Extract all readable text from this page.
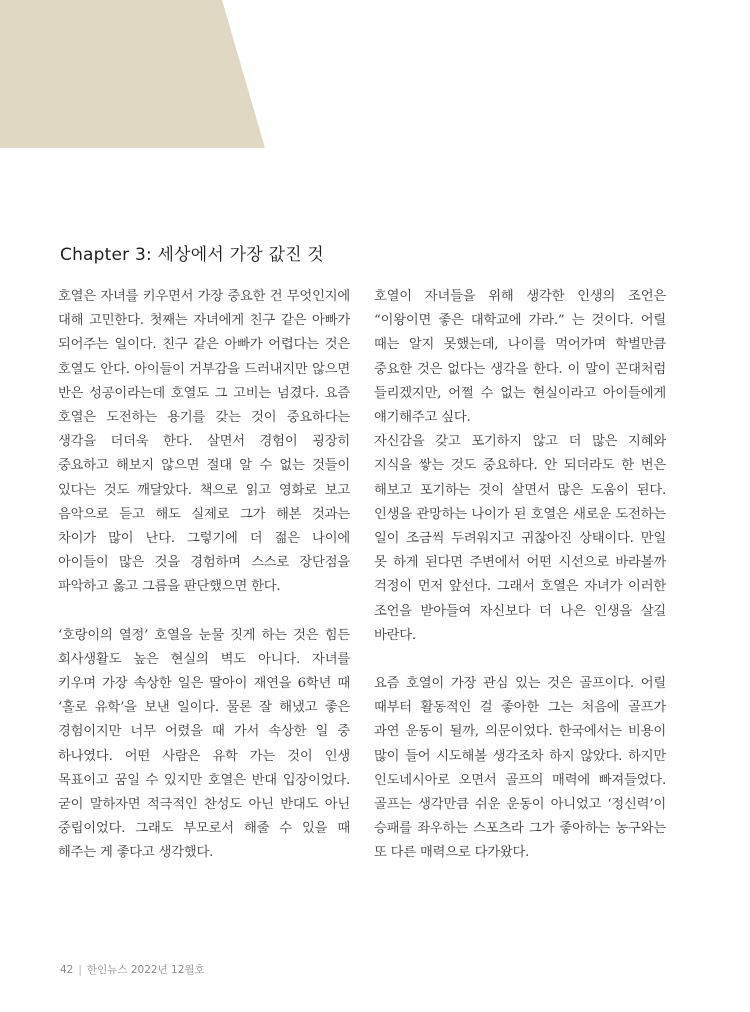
Chapter 3: 세상에서 가장 값진 것

호열은 자녀를 키우면서 가장 중요한 건 무엇인지에 대해 고민한다. 첫째는 자녀에게 친구 같은 아빠가 되어주는 일이다. 친구 같은 아빠가 어렵다는 것은 호열도 안다. 아이들이 거부감을 드러내지만 않으면 반은 성공이라는데 호열도 그 고비는 넘겼다. 요즘 호열은 도전하는 용기를 갖는 것이 중요하다는 생각을 더더욱 한다. 살면서 경험이 굉장히 중요하고 해보지 않으면 절대 알 수 없는 것들이 있다는 것도 깨달았다. 책으로 읽고 영화로 보고 음악으로 듣고 해도 실제로 그가 해본 것과는 차이가 많이 난다. 그렇기에 더 젊은 나이에 아이들이 많은 것을 경험하며 스스로 장단점을 파악하고 옳고 그름을 판단했으면 한다.

‘호랑이의 열정’ 호열을 눈물 짓게 하는 것은 힘든 회사생활도 높은 현실의 벽도 아니다. 자녀를 키우며 가장 속상한 일은 딸아이 재연을 6학년 때 ‘홀로 유학’을 보낸 일이다. 물론 잘 해냈고 좋은 경험이지만 너무 어렸을 때 가서 속상한 일 중 하나였다. 어떤 사람은 유학 가는 것이 인생 목표이고 꿈일 수 있지만 호열은 반대 입장이었다. 굳이 말하자면 적극적인 찬성도 아닌 반대도 아닌 중립이었다. 그래도 부모로서 해줄 수 있을 때 해주는 게 좋다고 생각했다.

호열이 자녀들을 위해 생각한 인생의 조언은 “이왕이면 좋은 대학교에 가라.” 는 것이다. 어릴 때는 알지 못했는데, 나이를 먹어가며 학벌만큼 중요한 것은 없다는 생각을 한다. 이 말이 꼰대처럼 들리겠지만, 어쩔 수 없는 현실이라고 아이들에게 얘기해주고 싶다.

자신감을 갖고 포기하지 않고 더 많은 지혜와 지식을 쌓는 것도 중요하다. 안 되더라도 한 번은 해보고 포기하는 것이 살면서 많은 도움이 된다. 인생을 관망하는 나이가 된 호열은 새로운 도전하는 일이 조금씩 두려워지고 귀찮아진 상태이다. 만일 못 하게 된다면 주변에서 어떤 시선으로 바라볼까 걱정이 먼저 앞선다. 그래서 호열은 자녀가 이러한 조언을 받아들여 자신보다 더 나은 인생을 살길 바란다.

요즘 호열이 가장 관심 있는 것은 골프이다. 어릴 때부터 활동적인 걸 좋아한 그는 처음에 골프가 과연 운동이 될까, 의문이었다. 한국에서는 비용이 많이 들어 시도해볼 생각조차 하지 않았다. 하지만 인도네시아로 오면서 골프의 매력에 빠져들었다. 골프는 생각만큼 쉬운 운동이 아니었고 ‘정신력’이 승패를 좌우하는 스포츠라 그가 좋아하는 농구와는 또 다른 매력으로 다가왔다.

42 | 한인뉴스 2022년 12월호
